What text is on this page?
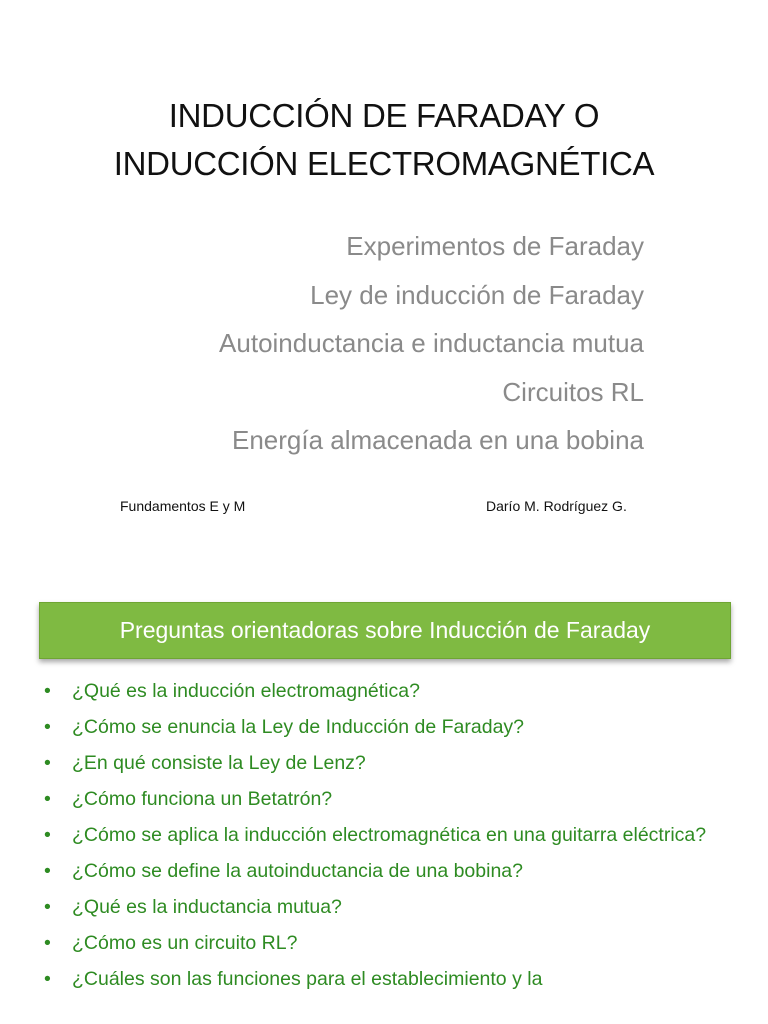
INDUCCIÓN DE FARADAY O
INDUCCIÓN ELECTROMAGNÉTICA
Experimentos de Faraday
Ley de inducción de Faraday
Autoinductancia e inductancia mutua
Circuitos RL
Energía almacenada en una bobina
Fundamentos E y M	Darío M. Rodríguez G.
Preguntas orientadoras sobre Inducción de Faraday
• ¿Qué es la inducción electromagnética?
• ¿Cómo se enuncia la Ley de Inducción de Faraday?
• ¿En qué consiste la Ley de Lenz?
• ¿Cómo funciona un Betatrón?
• ¿Cómo se aplica la inducción electromagnética en una guitarra eléctrica?
• ¿Cómo se define la autoinductancia de una bobina?
• ¿Qué es la inductancia mutua?
• ¿Cómo es un circuito RL?
• ¿Cuáles son las funciones para el establecimiento y la
